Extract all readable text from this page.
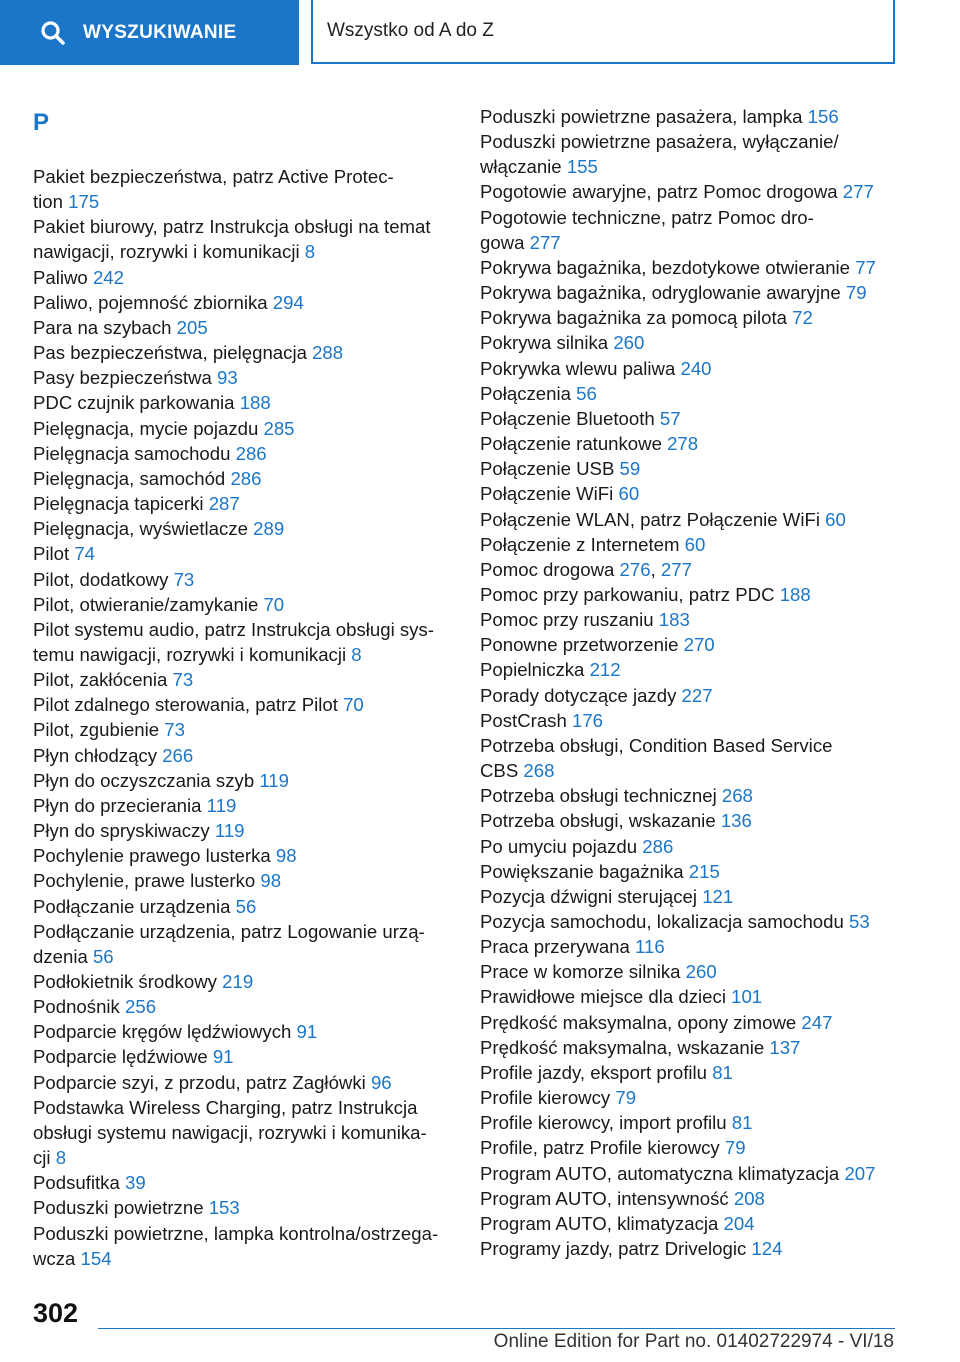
WYSZUKIWANIE	Wszystko od A do Z
P
Pakiet bezpieczeństwa, patrz Active Protec-
tion 175
Pakiet biurowy, patrz Instrukcja obsługi na temat
nawigacji, rozrywki i komunikacji 8
Paliwo 242
Paliwo, pojemność zbiornika 294
Para na szybach 205
Pas bezpieczeństwa, pielęgnacja 288
Pasy bezpieczeństwa 93
PDC czujnik parkowania 188
Pielęgnacja, mycie pojazdu 285
Pielęgnacja samochodu 286
Pielęgnacja, samochód 286
Pielęgnacja tapicerki 287
Pielęgnacja, wyświetlacze 289
Pilot 74
Pilot, dodatkowy 73
Pilot, otwieranie/zamykanie 70
Pilot systemu audio, patrz Instrukcja obsługi sys-
temu nawigacji, rozrywki i komunikacji 8
Pilot, zakłócenia 73
Pilot zdalnego sterowania, patrz Pilot 70
Pilot, zgubienie 73
Płyn chłodzący 266
Płyn do oczyszczania szyb 119
Płyn do przecierania 119
Płyn do spryskiwaczy 119
Pochylenie prawego lusterka 98
Pochylenie, prawe lusterko 98
Podłączanie urządzenia 56
Podłączanie urządzenia, patrz Logowanie urzą-
dzenia 56
Podłokietnik środkowy 219
Podnośnik 256
Podparcie kręgów lędźwiowych 91
Podparcie lędźwiowe 91
Podparcie szyi, z przodu, patrz Zagłówki 96
Podstawka Wireless Charging, patrz Instrukcja
obsługi systemu nawigacji, rozrywki i komunika-
cji 8
Podsufitka 39
Poduszki powietrzne 153
Poduszki powietrzne, lampka kontrolna/ostrzega-
wcza 154
Poduszki powietrzne pasażera, lampka 156
Poduszki powietrzne pasażera, wyłączanie/
włączanie 155
Pogotowie awaryjne, patrz Pomoc drogowa 277
Pogotowie techniczne, patrz Pomoc dro-
gowa 277
Pokrywa bagażnika, bezdotykowe otwieranie 77
Pokrywa bagażnika, odryglowanie awaryjne 79
Pokrywa bagażnika za pomocą pilota 72
Pokrywa silnika 260
Pokrywka wlewu paliwa 240
Połączenia 56
Połączenie Bluetooth 57
Połączenie ratunkowe 278
Połączenie USB 59
Połączenie WiFi 60
Połączenie WLAN, patrz Połączenie WiFi 60
Połączenie z Internetem 60
Pomoc drogowa 276, 277
Pomoc przy parkowaniu, patrz PDC 188
Pomoc przy ruszaniu 183
Ponowne przetworzenie 270
Popielniczka 212
Porady dotyczące jazdy 227
PostCrash 176
Potrzeba obsługi, Condition Based Service
CBS 268
Potrzeba obsługi technicznej 268
Potrzeba obsługi, wskazanie 136
Po umyciu pojazdu 286
Powiększanie bagażnika 215
Pozycja dźwigni sterującej 121
Pozycja samochodu, lokalizacja samochodu 53
Praca przerywana 116
Prace w komorze silnika 260
Prawidłowe miejsce dla dzieci 101
Prędkość maksymalna, opony zimowe 247
Prędkość maksymalna, wskazanie 137
Profile jazdy, eksport profilu 81
Profile kierowcy 79
Profile kierowcy, import profilu 81
Profile, patrz Profile kierowcy 79
Program AUTO, automatyczna klimatyzacja 207
Program AUTO, intensywność 208
Program AUTO, klimatyzacja 204
Programy jazdy, patrz Drivelogic 124
302
Online Edition for Part no. 01402722974 - VI/18
